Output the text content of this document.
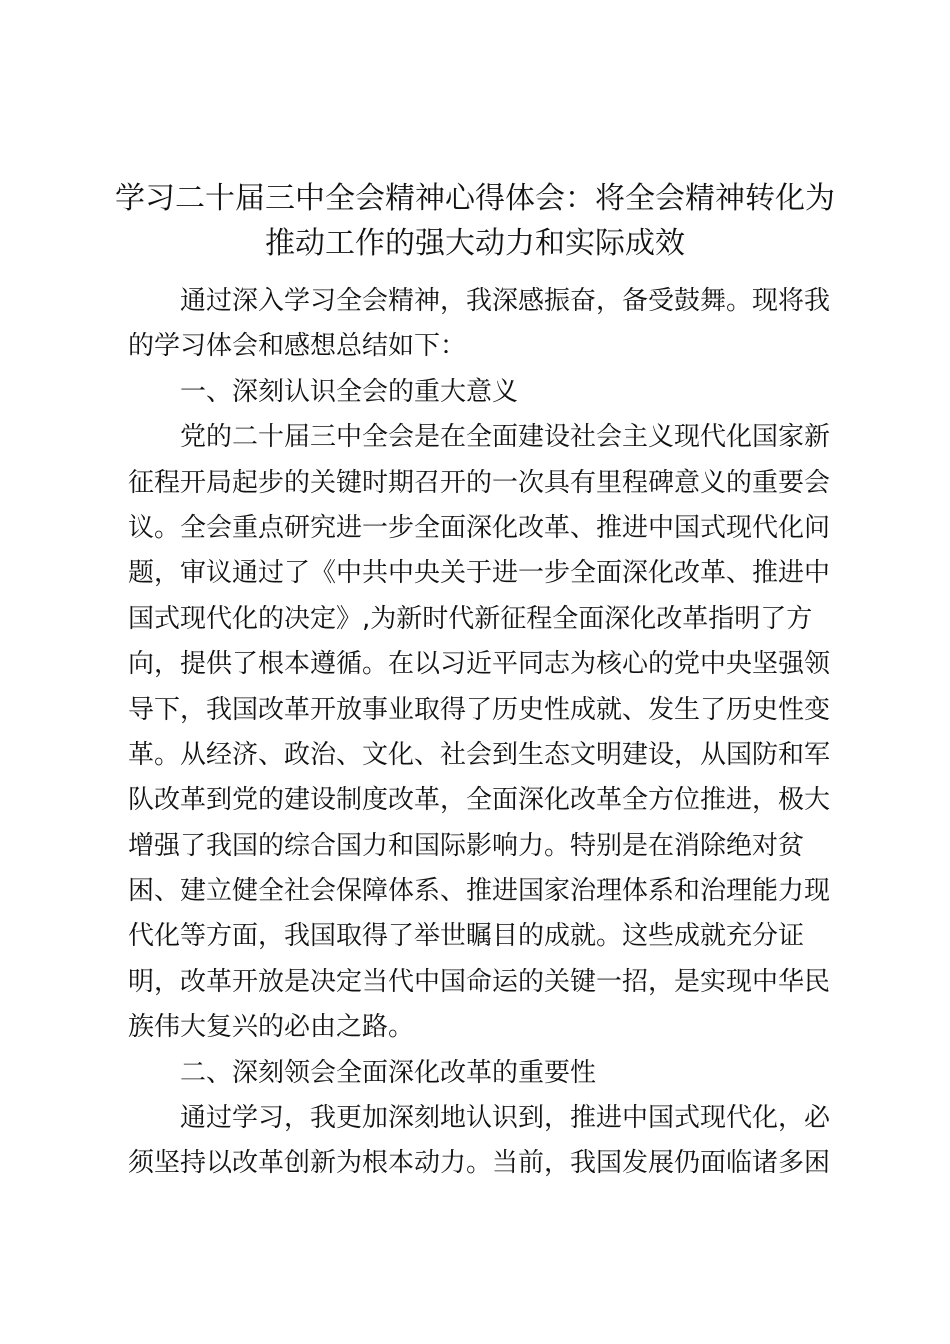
学习二十届三中全会精神心得体会：将全会精神转化为
推动工作的强大动力和实际成效
通过深入学习全会精神，我深感振奋，备受鼓舞。现将我
的学习体会和感想总结如下：
一、深刻认识全会的重大意义
党的二十届三中全会是在全面建设社会主义现代化国家新
征程开局起步的关键时期召开的一次具有里程碑意义的重要会
议。全会重点研究进一步全面深化改革、推进中国式现代化问
题，审议通过了《中共中央关于进一步全面深化改革、推进中
国式现代化的决定》,为新时代新征程全面深化改革指明了方
向，提供了根本遵循。在以习近平同志为核心的党中央坚强领
导下，我国改革开放事业取得了历史性成就、发生了历史性变
革。从经济、政治、文化、社会到生态文明建设，从国防和军
队改革到党的建设制度改革，全面深化改革全方位推进，极大
增强了我国的综合国力和国际影响力。特别是在消除绝对贫
困、建立健全社会保障体系、推进国家治理体系和治理能力现
代化等方面，我国取得了举世瞩目的成就。这些成就充分证
明，改革开放是决定当代中国命运的关键一招，是实现中华民
族伟大复兴的必由之路。
二、深刻领会全面深化改革的重要性
通过学习，我更加深刻地认识到，推进中国式现代化，必
须坚持以改革创新为根本动力。当前，我国发展仍面临诸多困
